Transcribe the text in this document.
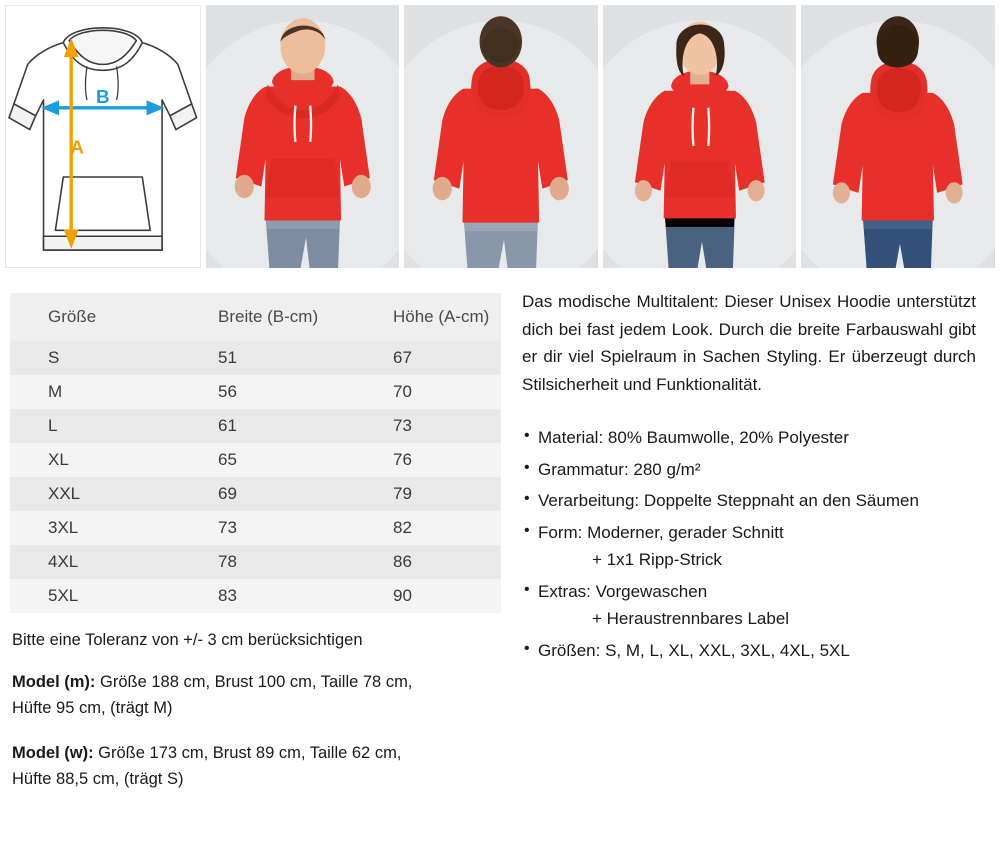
B
A
Größe	Breite (B-cm)	Höhe (A-cm)
S	51	67
M	56	70
L	61	73
XL	65	76
XXL	69	79
3XL	73	82
4XL	78	86
5XL	83	90

Bitte eine Toleranz von +/- 3 cm berücksichtigen

Model (m): Größe 188 cm, Brust 100 cm, Taille 78 cm,
Hüfte 95 cm, (trägt M)

Model (w): Größe 173 cm, Brust 89 cm, Taille 62 cm,
Hüfte 88,5 cm, (trägt S)

Das modische Multitalent: Dieser Unisex Hoodie unterstützt dich bei fast jedem Look. Durch die breite Farbauswahl gibt er dir viel Spielraum in Sachen Styling. Er überzeugt durch Stilsicherheit und Funktionalität.

• Material: 80% Baumwolle, 20% Polyester
• Grammatur: 280 g/m²
• Verarbeitung: Doppelte Steppnaht an den Säumen
• Form: Moderner, gerader Schnitt
+ 1x1 Ripp-Strick
• Extras: Vorgewaschen
+ Heraustrennbares Label
• Größen: S, M, L, XL, XXL, 3XL, 4XL, 5XL
